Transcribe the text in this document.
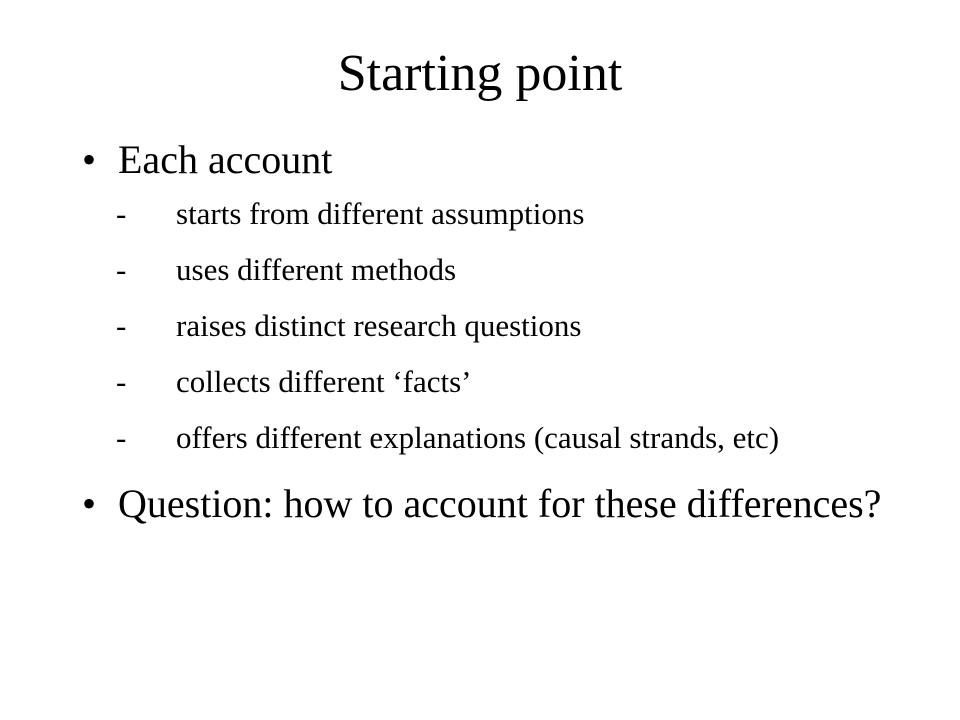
Starting point
• Each account
- starts from different assumptions
- uses different methods
- raises distinct research questions
- collects different ‘facts’
- offers different explanations (causal strands, etc)
• Question: how to account for these differences?
